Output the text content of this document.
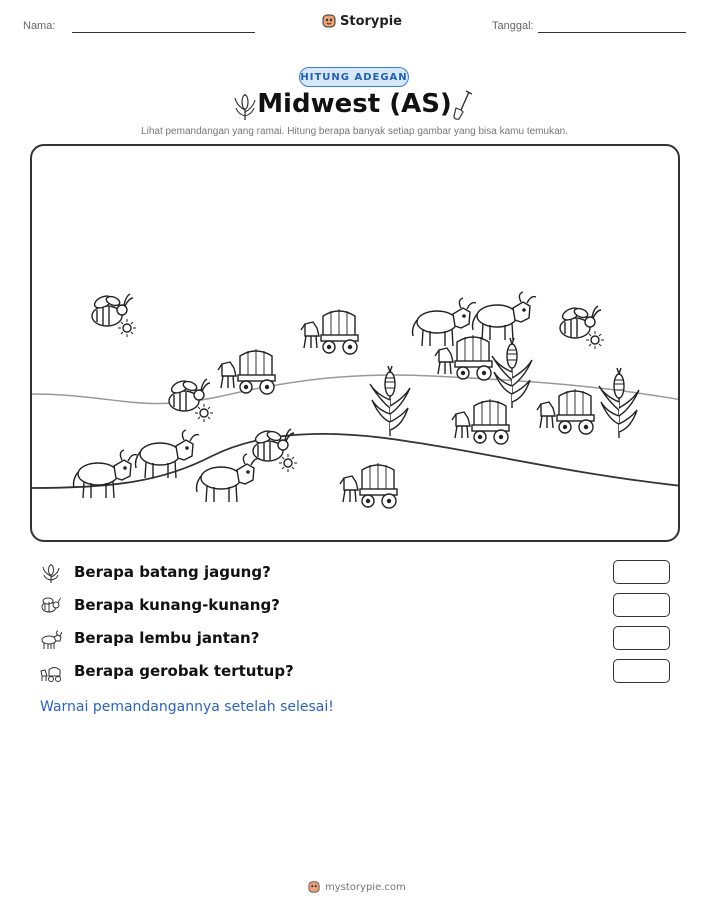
Nama:	Storypie	Tanggal:
HITUNG ADEGAN
Midwest (AS)
Lihat pemandangan yang ramai. Hitung berapa banyak setiap gambar yang bisa kamu temukan.
Berapa batang jagung?
Berapa kunang-kunang?
Berapa lembu jantan?
Berapa gerobak tertutup?
Warnai pemandangannya setelah selesai!
mystorypie.com
